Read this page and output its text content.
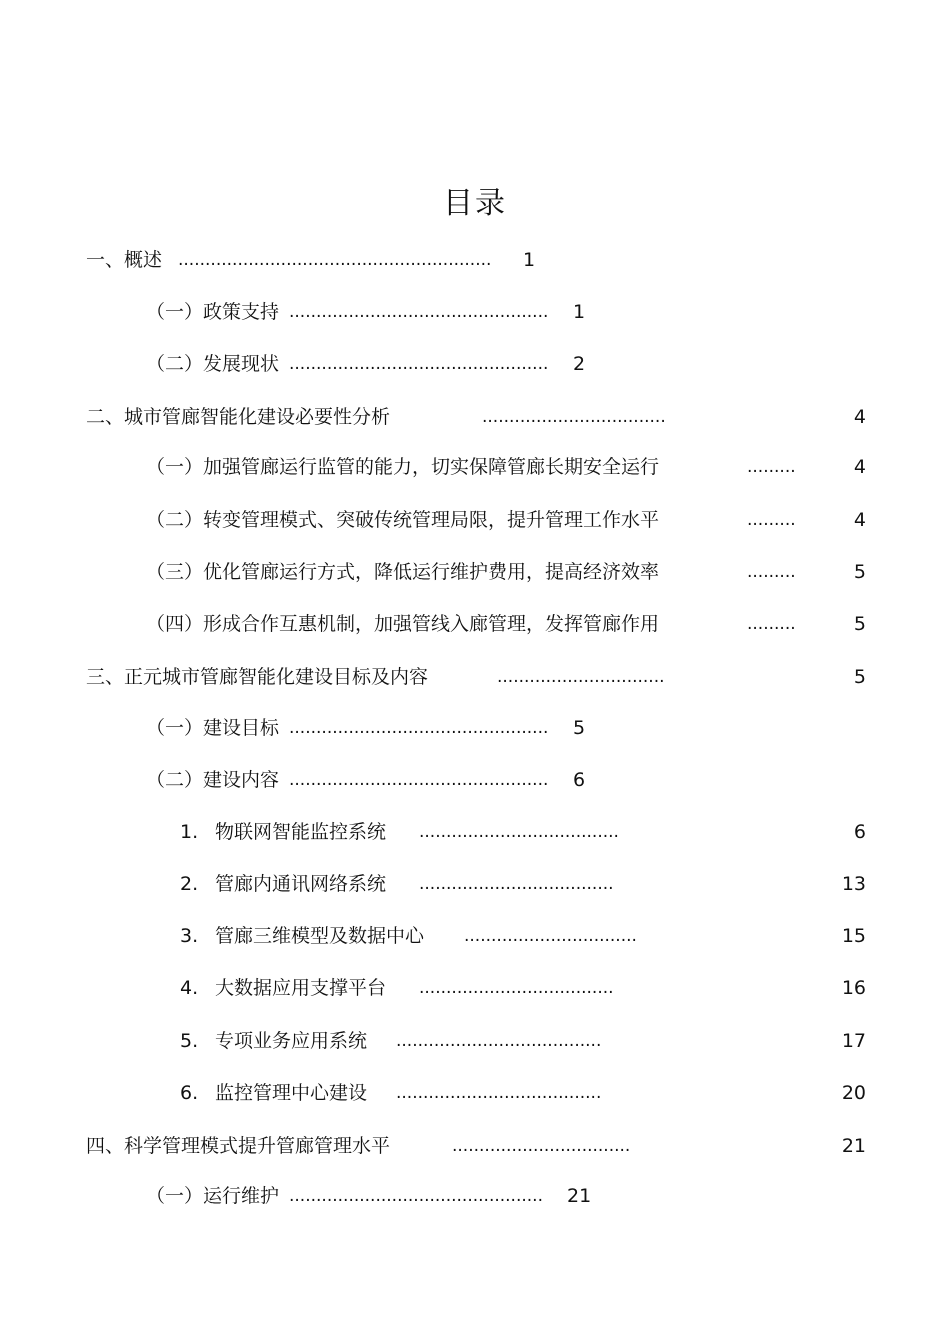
目录
一、概述 .......................................................... 1
（一）政策支持 ................................................ 1
（二）发展现状 ................................................ 2
二、城市管廊智能化建设必要性分析	..................................	4
（一）加强管廊运行监管的能力，切实保障管廊长期安全运行	.........	4
（二）转变管理模式、突破传统管理局限，提升管理工作水平	.........	4
（三）优化管廊运行方式，降低运行维护费用，提高经济效率	.........	5
（四）形成合作互惠机制，加强管线入廊管理，发挥管廊作用	.........	5
三、正元城市管廊智能化建设目标及内容	...............................	5
（一）建设目标 ................................................ 5
（二）建设内容 ................................................ 6
1. 物联网智能监控系统 .....................................	6
2. 管廊内通讯网络系统 ....................................	13
3. 管廊三维模型及数据中心 ................................	15
4. 大数据应用支撑平台 ....................................	16
5. 专项业务应用系统 ......................................	17
6. 监控管理中心建设 ......................................	20
四、科学管理模式提升管廊管理水平	.................................	21
（一）运行维护 ............................................... 21
